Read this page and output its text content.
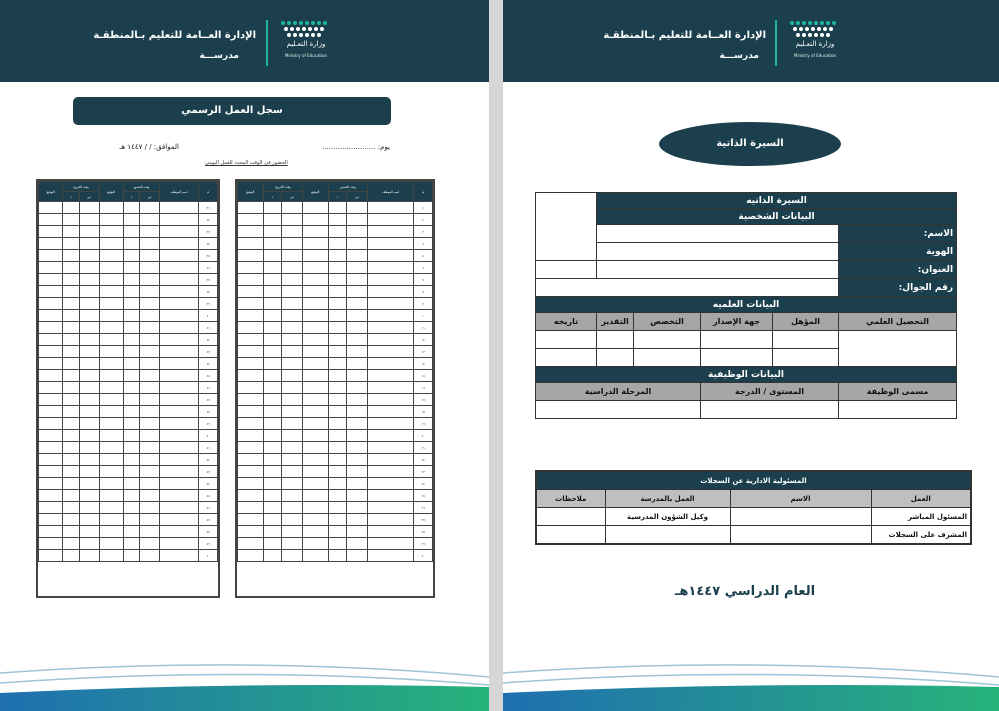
وزارة التعـليم
Ministry of Education
الإدارة العــامة للتعليم بـالمنطقـة
مدرســـة
سجل العمل الرسمي
يوم: ........................
الموافق: / / ١٤٤٧ هـ
الحضور في الوقت المحدد للعمل اليومي
م	اسم الموظف	وقت الحضور		التوقيع	وقت الخروج		التوقيع
		س	د		س	د	
١							
٢							
٣							
٤							
٥							
٦							
٧							
٨							
٩							
١٠							
١١							
١٢							
١٣							
١٤							
١٥							
١٦							
١٧							
١٨							
١٩							
٢٠							
٢١							
٢٢							
٢٣							
٢٤							
٢٥							
٢٦							
٢٧							
٢٨							
٢٩							
٣٠							
م	اسم الموظف	وقت الحضور		التوقيع	وقت الخروج		التوقيع
		س	د		س	د	
٣١							
٣٢							
٣٣							
٣٤							
٣٥							
٣٦							
٣٧							
٣٨							
٣٩							
٤٠							
٤١							
٤٢							
٤٣							
٤٤							
٤٥							
٤٦							
٤٧							
٤٨							
٤٩							
٥٠							
٥١							
٥٢							
٥٣							
٥٤							
٥٥							
٥٦							
٥٧							
٥٨							
٥٩							
٦٠							
وزارة التعـليم
Ministry of Education
الإدارة العــامة للتعليم بـالمنطقـة
مدرســـة
السيرة الذاتية
السيرة الذاتيه					
البيانات الشخصية					
الاسم:					
الهوية					
العنوان:					
رقم الجوال:					
البيانات العلميه					
التحصيل العلمي	المؤهل	جهة الإصدار	التخصص	التقدير	تاريخه

البيانات الوظيفية					
مسمى الوظيفة	المستوى / الدرجة		المرحلة الدراسية		

المسئولية الادارية عن السجلات			
العمل	الاسم	العمل بالمدرسة	ملاحظات
المسئول المباشر		وكيل الشؤون المدرسية	
المشرف على السجلات			
العام الدراسي ١٤٤٧هـ
